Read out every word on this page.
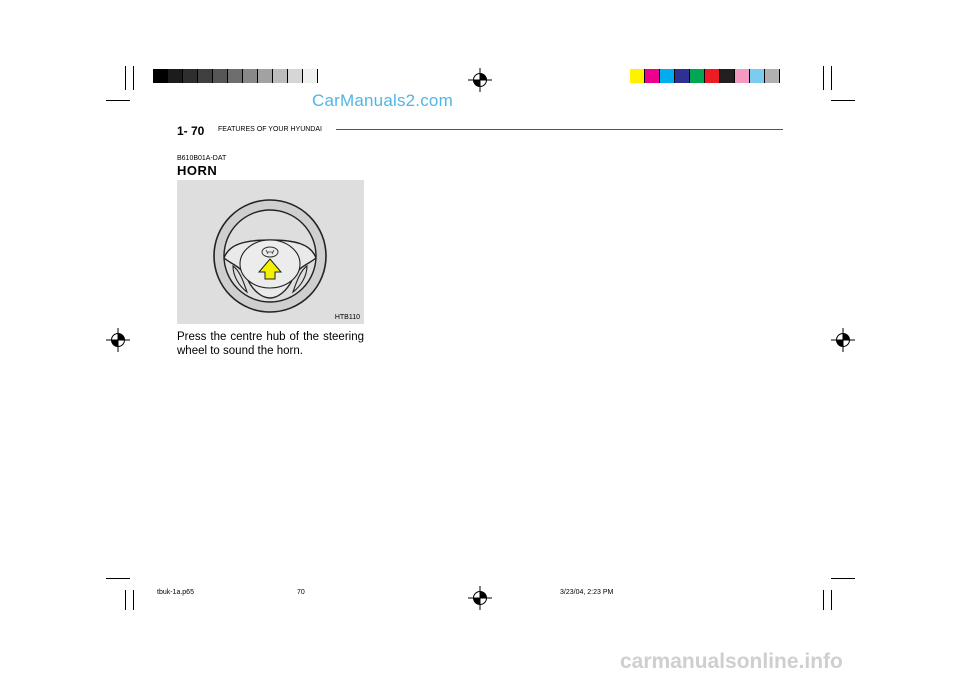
CarManuals2.com
1- 70 FEATURES OF YOUR HYUNDAI
B610B01A-DAT
HORN
HTB110
Press the centre hub of the steering wheel to sound the horn.
tbuk-1a.p65	70	3/23/04, 2:23 PM
carmanualsonline.info
